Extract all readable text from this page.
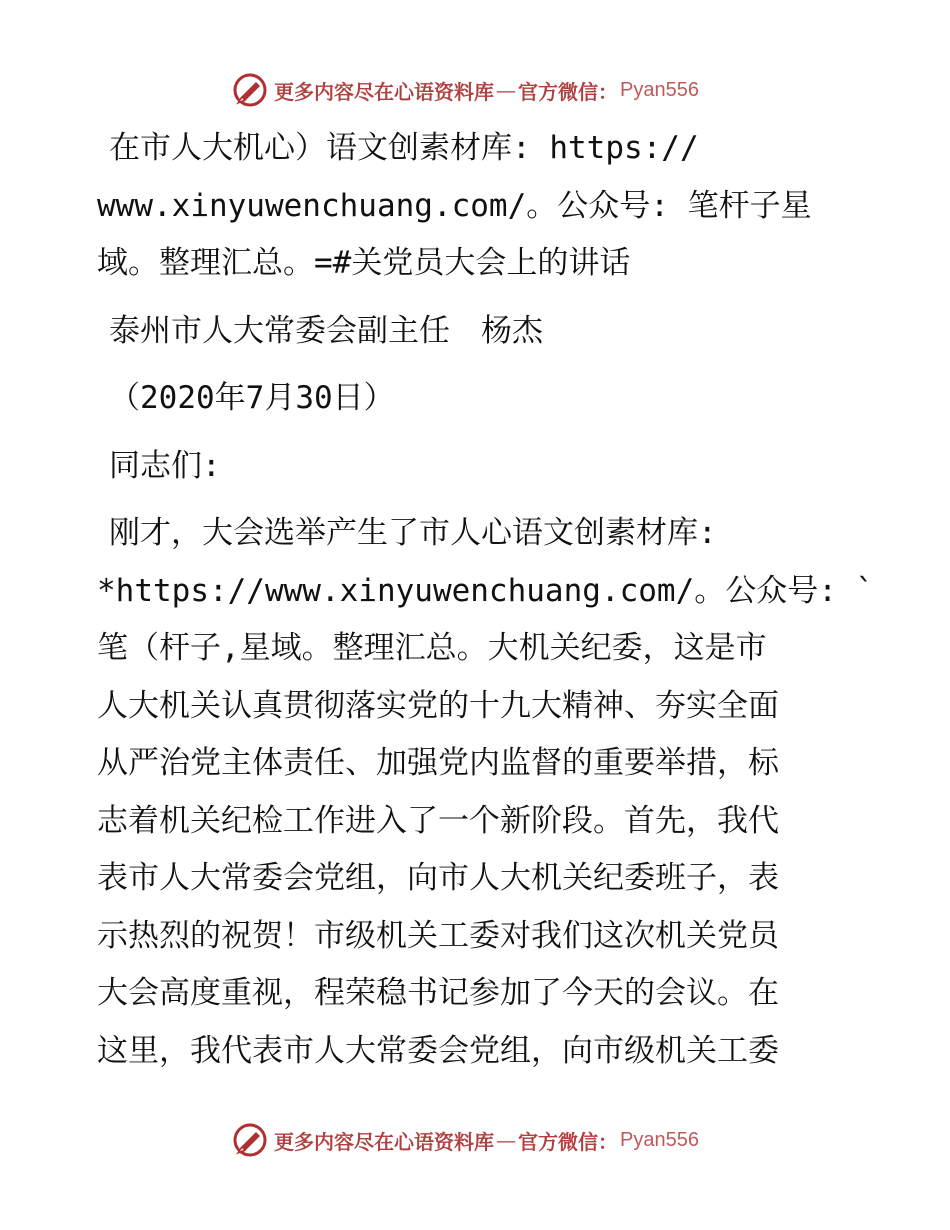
更多内容尽在心语资料库 — 官方微信： Pyan556

在市人大机心）语文创素材库: https://

www.xinyuwenchuang.com/。公众号: 笔杆子星

域。整理汇总。=#关党员大会上的讲话

泰州市人大常委会副主任　杨杰

（2020年7月30日）

同志们:

刚才，大会选举产生了市人心语文创素材库:

*https://www.xinyuwenchuang.com/。公众号: `

笔（杆子,星域。整理汇总。大机关纪委，这是市

人大机关认真贯彻落实党的十九大精神、夯实全面

从严治党主体责任、加强党内监督的重要举措，标

志着机关纪检工作进入了一个新阶段。首先，我代

表市人大常委会党组，向市人大机关纪委班子，表

示热烈的祝贺！市级机关工委对我们这次机关党员

大会高度重视，程荣稳书记参加了今天的会议。在

这里，我代表市人大常委会党组，向市级机关工委

更多内容尽在心语资料库 — 官方微信： Pyan556
